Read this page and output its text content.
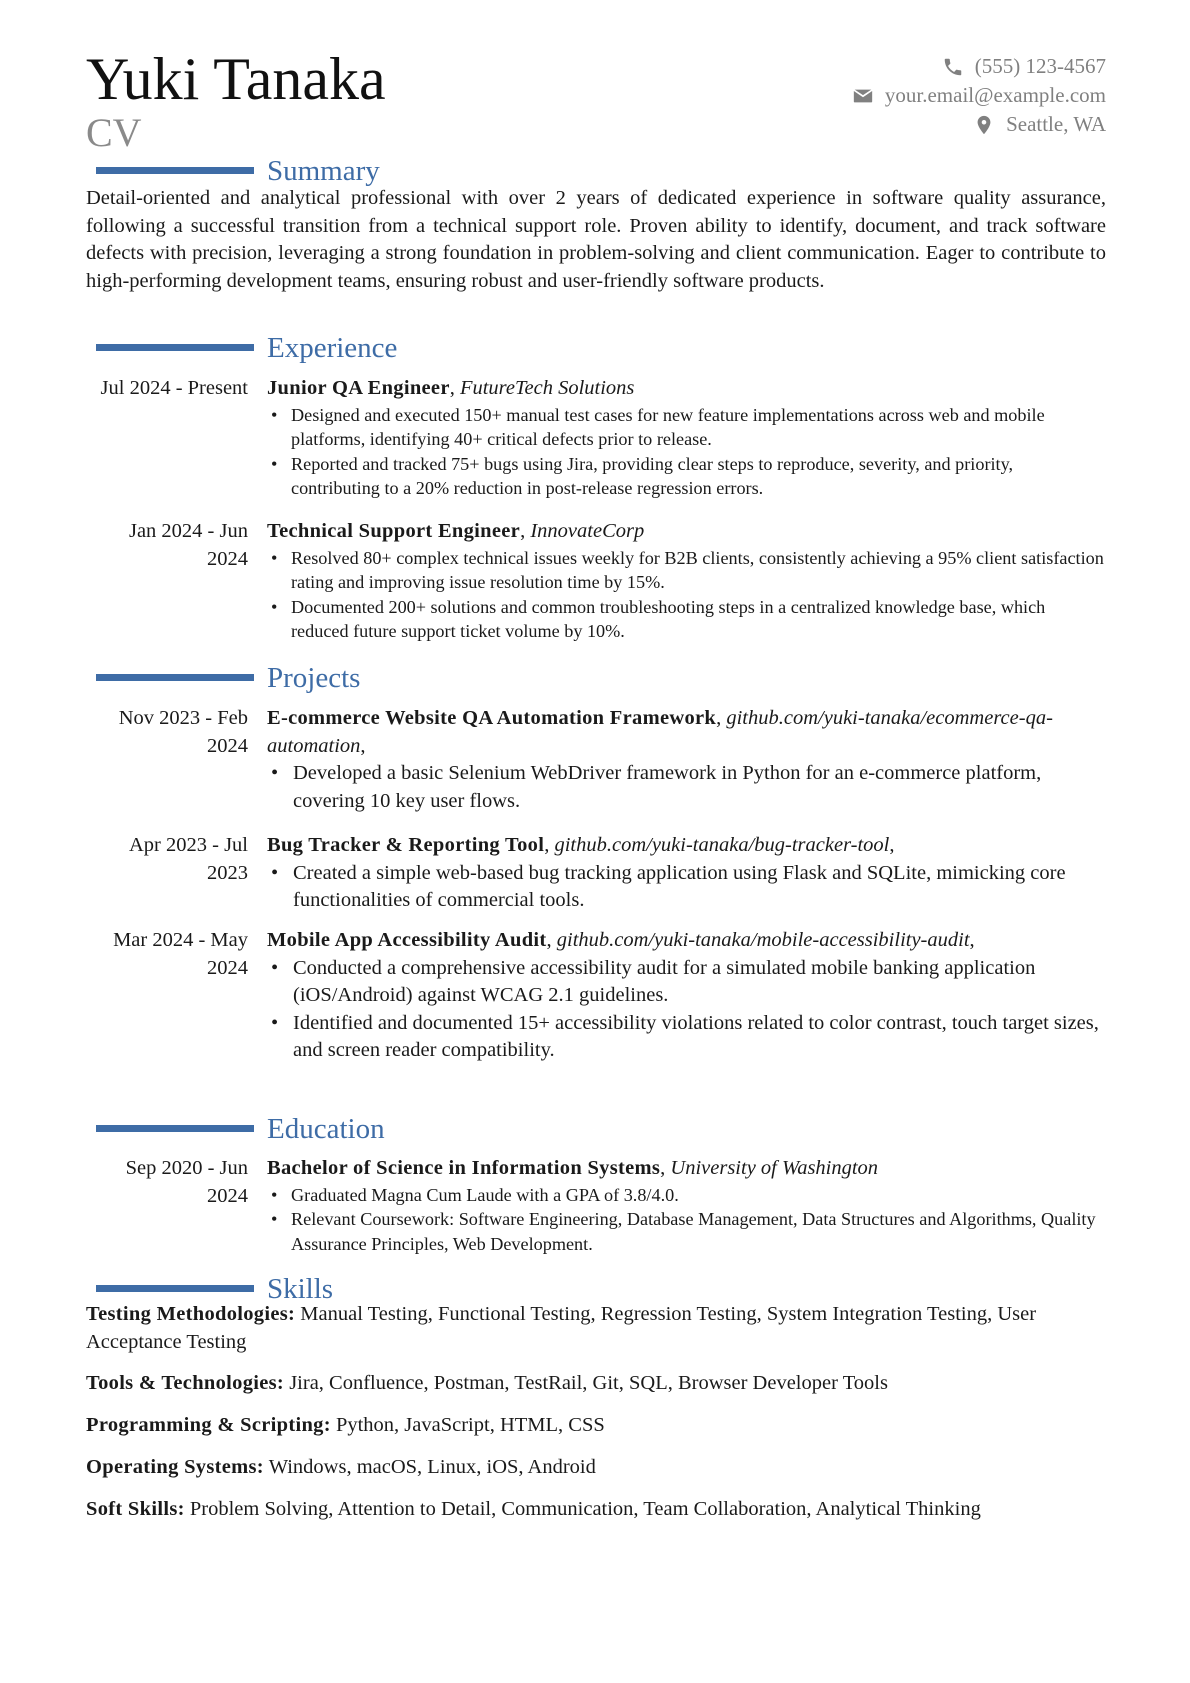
Yuki Tanaka
CV
(555) 123-4567
your.email@example.com
Seattle, WA
Summary
Detail-oriented and analytical professional with over 2 years of dedicated experience in software quality assurance, following a successful transition from a technical support role. Proven ability to identify, document, and track software defects with precision, leveraging a strong foundation in problem-solving and client communication. Eager to contribute to high-performing development teams, ensuring robust and user-friendly software products.
Experience
Jul 2024 - Present Junior QA Engineer, FutureTech Solutions
• Designed and executed 150+ manual test cases for new feature implementations across web and mobile platforms, identifying 40+ critical defects prior to release.
• Reported and tracked 75+ bugs using Jira, providing clear steps to reproduce, severity, and priority, contributing to a 20% reduction in post-release regression errors.
Jan 2024 - Jun 2024
Technical Support Engineer, InnovateCorp
• Resolved 80+ complex technical issues weekly for B2B clients, consistently achieving a 95% client satisfaction rating and improving issue resolution time by 15%.
• Documented 200+ solutions and common troubleshooting steps in a centralized knowledge base, which reduced future support ticket volume by 10%.
Projects
Nov 2023 - Feb 2024
E-commerce Website QA Automation Framework, github.com/yuki-tanaka/ecommerce-qa-automation,
• Developed a basic Selenium WebDriver framework in Python for an e-commerce platform, covering 10 key user flows.
Apr 2023 - Jul 2023
Bug Tracker & Reporting Tool, github.com/yuki-tanaka/bug-tracker-tool,
• Created a simple web-based bug tracking application using Flask and SQLite, mimicking core functionalities of commercial tools.
Mar 2024 - May 2024
Mobile App Accessibility Audit, github.com/yuki-tanaka/mobile-accessibility-audit,
• Conducted a comprehensive accessibility audit for a simulated mobile banking application (iOS/Android) against WCAG 2.1 guidelines.
• Identified and documented 15+ accessibility violations related to color contrast, touch target sizes, and screen reader compatibility.
Education
Sep 2020 - Jun 2024
Bachelor of Science in Information Systems, University of Washington
• Graduated Magna Cum Laude with a GPA of 3.8/4.0.
• Relevant Coursework: Software Engineering, Database Management, Data Structures and Algorithms, Quality Assurance Principles, Web Development.
Skills
Testing Methodologies: Manual Testing, Functional Testing, Regression Testing, System Integration Testing, User Acceptance Testing
Tools & Technologies: Jira, Confluence, Postman, TestRail, Git, SQL, Browser Developer Tools
Programming & Scripting: Python, JavaScript, HTML, CSS
Operating Systems: Windows, macOS, Linux, iOS, Android
Soft Skills: Problem Solving, Attention to Detail, Communication, Team Collaboration, Analytical Thinking
